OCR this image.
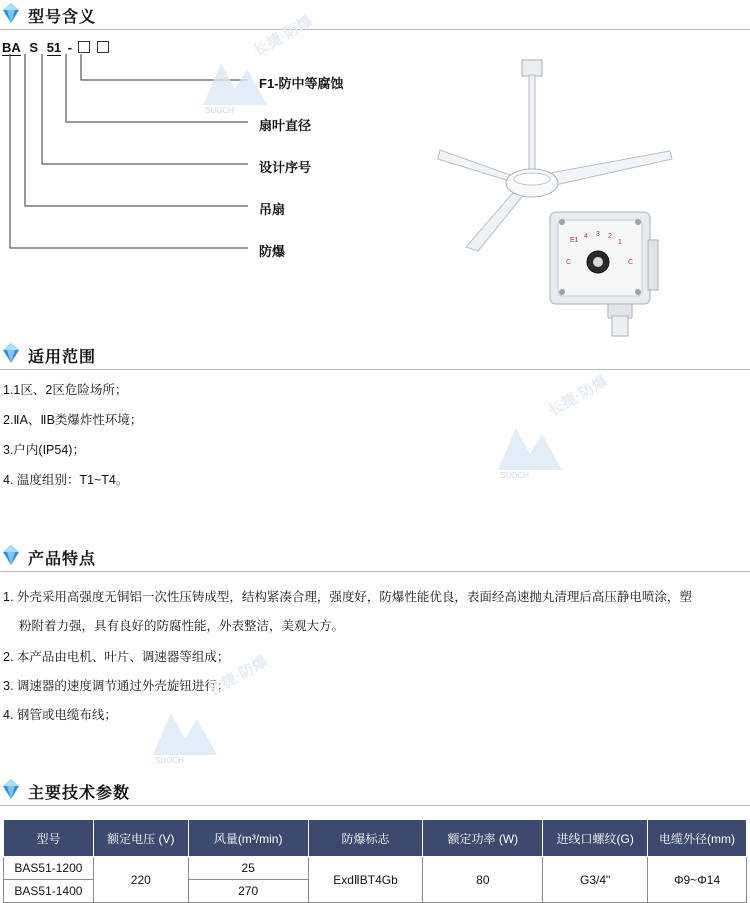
型号含义
BA S 51 -
F1-防中等腐蚀
扇叶直径
设计序号
吊扇
防爆
E1
4 3 2
1
C	C
适用范围
1.1区、2区危险场所；
2.ⅡA、ⅡB类爆炸性环境；
3.户内(IP54)；
4. 温度组别：T1~T4。
产品特点
1. 外壳采用高强度无铜铝一次性压铸成型，结构紧凑合理，强度好，防爆性能优良，表面经高速抛丸清理后高压静电喷涂，塑
粉附着力强，具有良好的防腐性能，外表整洁，美观大方。
2. 本产品由电机、叶片、调速器等组成；
3. 调速器的速度调节通过外壳旋钮进行；
4. 钢管或电缆布线；
主要技术参数
型号	额定电压 (V)	风量(m³/min)	防爆标志	额定功率 (W)	进线口螺纹(G)	电缆外径(mm)
BAS51-1200	220	25	ExdⅡBT4Gb	80	G3/4"	Φ9~Φ14
BAS51-1400		270				
SUOCH
长捷·防爆
SUOCH
长捷·防爆
SUOCH
长捷·防爆
